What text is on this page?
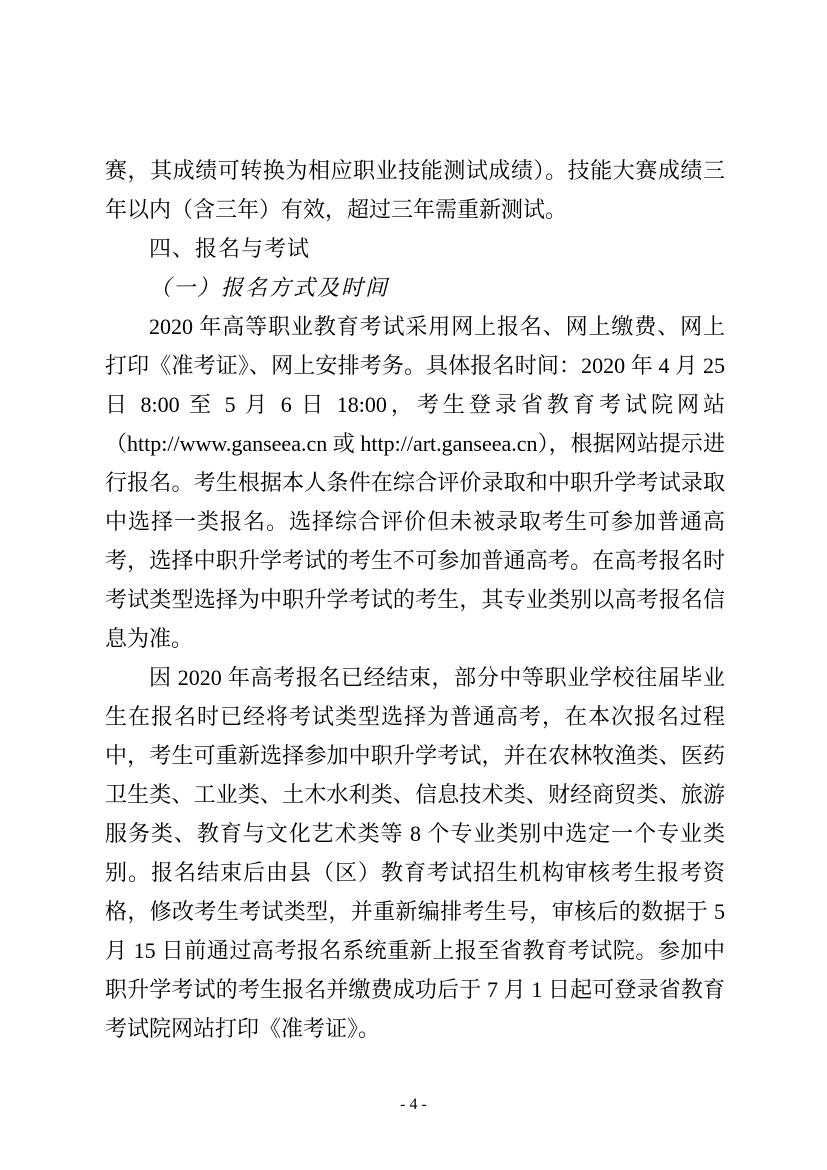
赛，其成绩可转换为相应职业技能测试成绩）。技能大赛成绩三年以内（含三年）有效，超过三年需重新测试。

四、报名与考试
（一）报名方式及时间

2020 年高等职业教育考试采用网上报名、网上缴费、网上打印《准考证》、网上安排考务。具体报名时间：2020 年 4 月 25 日 8:00 至 5 月 6 日 18:00，考生登录省教育考试院网站（http://www.ganseea.cn 或 http://art.ganseea.cn），根据网站提示进行报名。考生根据本人条件在综合评价录取和中职升学考试录取中选择一类报名。选择综合评价但未被录取考生可参加普通高考，选择中职升学考试的考生不可参加普通高考。在高考报名时考试类型选择为中职升学考试的考生，其专业类别以高考报名信息为准。

因 2020 年高考报名已经结束，部分中等职业学校往届毕业生在报名时已经将考试类型选择为普通高考，在本次报名过程中，考生可重新选择参加中职升学考试，并在农林牧渔类、医药卫生类、工业类、土木水利类、信息技术类、财经商贸类、旅游服务类、教育与文化艺术类等 8 个专业类别中选定一个专业类别。报名结束后由县（区）教育考试招生机构审核考生报考资格，修改考生考试类型，并重新编排考生号，审核后的数据于 5 月 15 日前通过高考报名系统重新上报至省教育考试院。参加中职升学考试的考生报名并缴费成功后于 7 月 1 日起可登录省教育考试院网站打印《准考证》。

- 4 -
